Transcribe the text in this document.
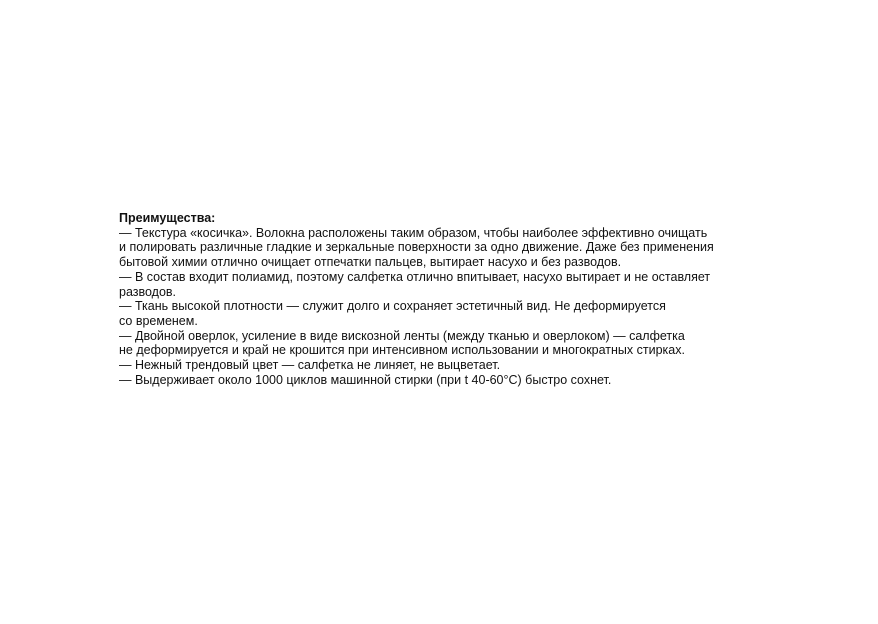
Преимущества:

— Текстура «косичка». Волокна расположены таким образом, чтобы наиболее эффективно очищать

и полировать различные гладкие и зеркальные поверхности за одно движение. Даже без применения

бытовой химии отлично очищает отпечатки пальцев, вытирает насухо и без разводов.

— В состав входит полиамид, поэтому салфетка отлично впитывает, насухо вытирает и не оставляет

разводов.

— Ткань высокой плотности — служит долго и сохраняет эстетичный вид. Не деформируется

со временем.

— Двойной оверлок, усиление в виде вискозной ленты (между тканью и оверлоком) — салфетка

не деформируется и край не крошится при интенсивном использовании и многократных стирках.

— Нежный трендовый цвет — салфетка не линяет, не выцветает.

— Выдерживает около 1000 циклов машинной стирки (при t 40-60°C) быстро сохнет.
